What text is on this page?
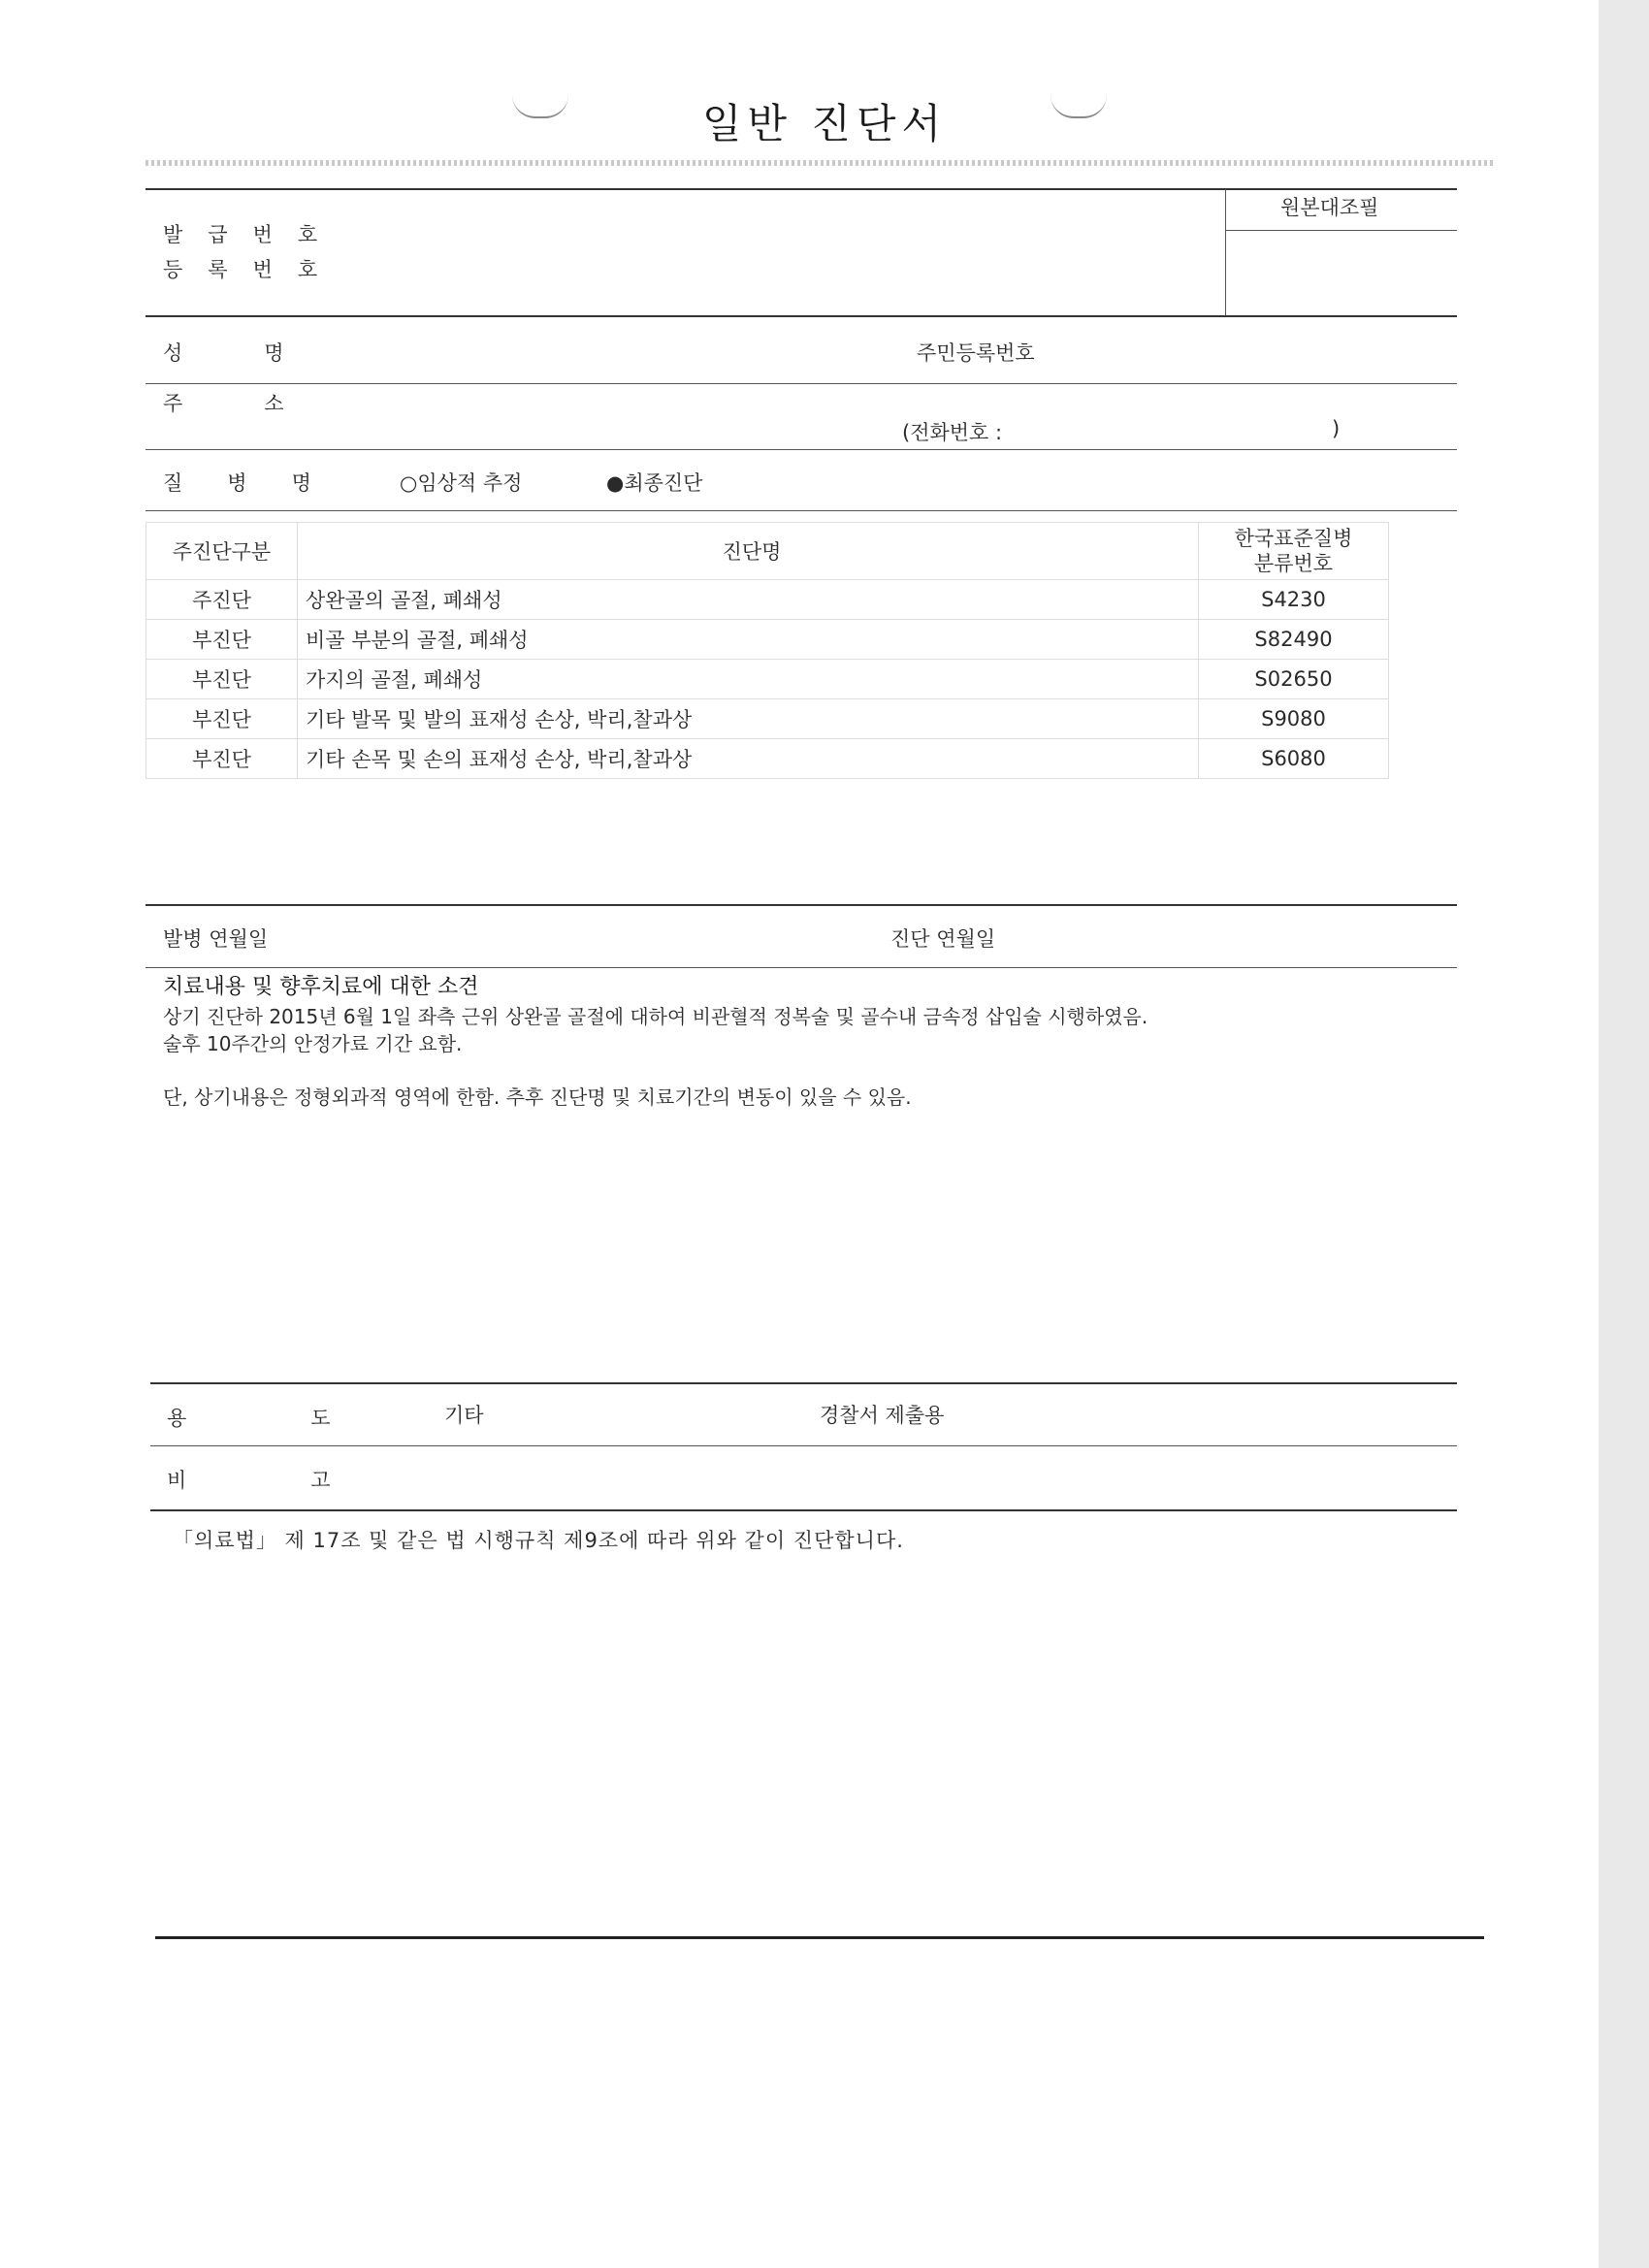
일반 진단서
원본대조필
발급번호
등록번호
성명	주민등록번호
주소
(전화번호 :	)
질병명 ○임상적 추정	●최종진단
주진단구분	진단명	한국표준질병
분류번호

주진단	상완골의 골절, 폐쇄성	S4230
부진단	비골 부분의 골절, 폐쇄성	S82490
부진단	가지의 골절, 폐쇄성	S02650
부진단	기타 발목 및 발의 표재성 손상, 박리,찰과상	S9080
부진단	기타 손목 및 손의 표재성 손상, 박리,찰과상	S6080
발병 연월일	진단 연월일
치료내용 및 향후치료에 대한 소견
상기 진단하 2015년 6월 1일 좌측 근위 상완골 골절에 대하여 비관혈적 정복술 및 골수내 금속정 삽입술 시행하였음.
술후 10주간의 안정가료 기간 요함.
단, 상기내용은 정형외과적 영역에 한함. 추후 진단명 및 치료기간의 변동이 있을 수 있음.
용도
기타	경찰서 제출용
비고
「의료법」 제 17조 및 같은 법 시행규칙 제9조에 따라 위와 같이 진단합니다.
